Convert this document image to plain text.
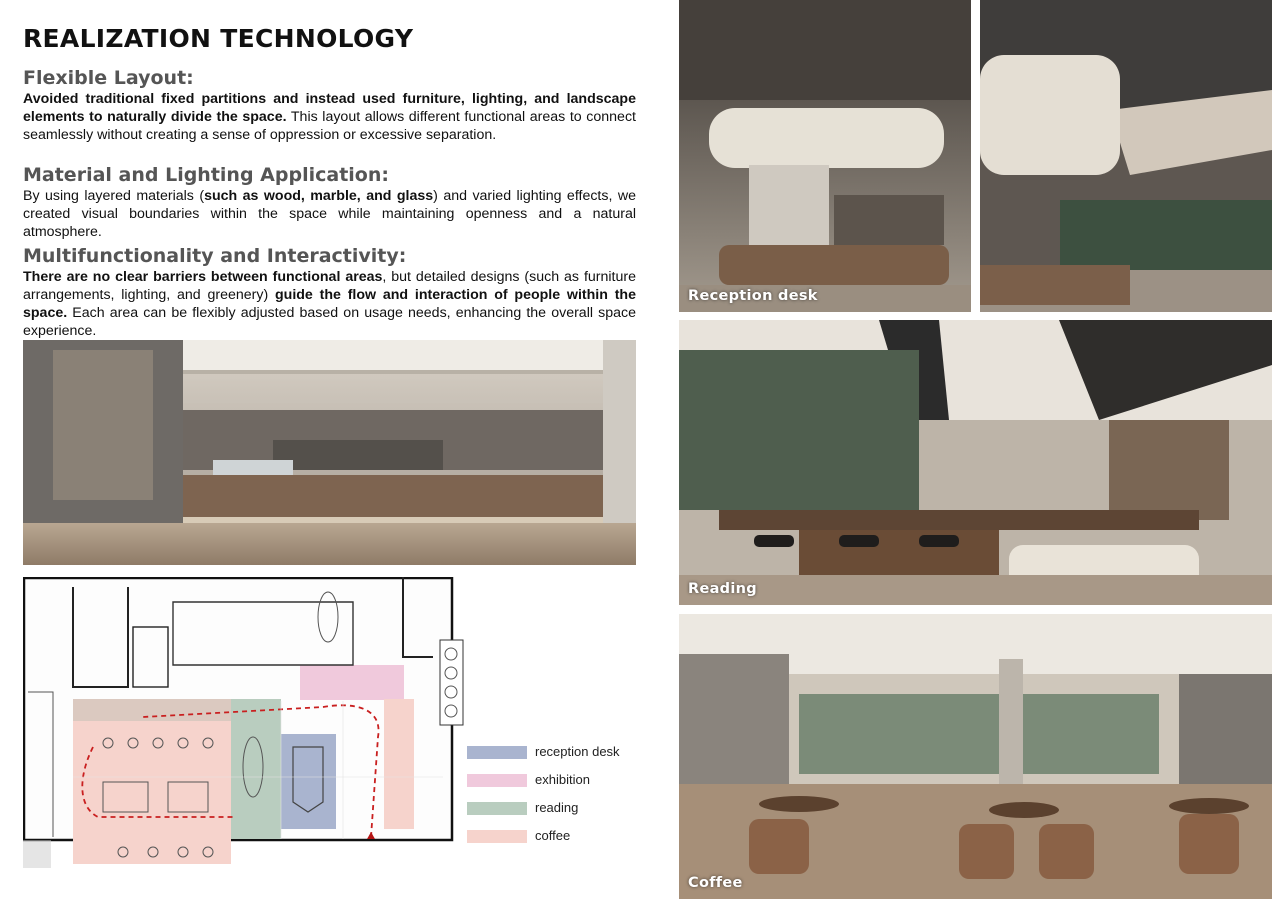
REALIZATION TECHNOLOGY
Flexible Layout:

Avoided traditional fixed partitions and instead used furniture, lighting, and landscape elements to naturally divide the space. This layout allows different functional areas to connect seamlessly without creating a sense of oppression or excessive separation.

Material and Lighting Application:

By using layered materials (such as wood, marble, and glass) and varied lighting effects, we created visual boundaries within the space while maintaining openness and a natural atmosphere.

Multifunctionality and Interactivity:

There are no clear barriers between functional areas, but detailed designs (such as furniture arrangements, lighting, and greenery) guide the flow and interaction of people within the space. Each area can be flexibly adjusted based on usage needs, enhancing the overall space experience.

reception desk
exhibition
reading
coffee
Reception desk
Reading
Coffee
